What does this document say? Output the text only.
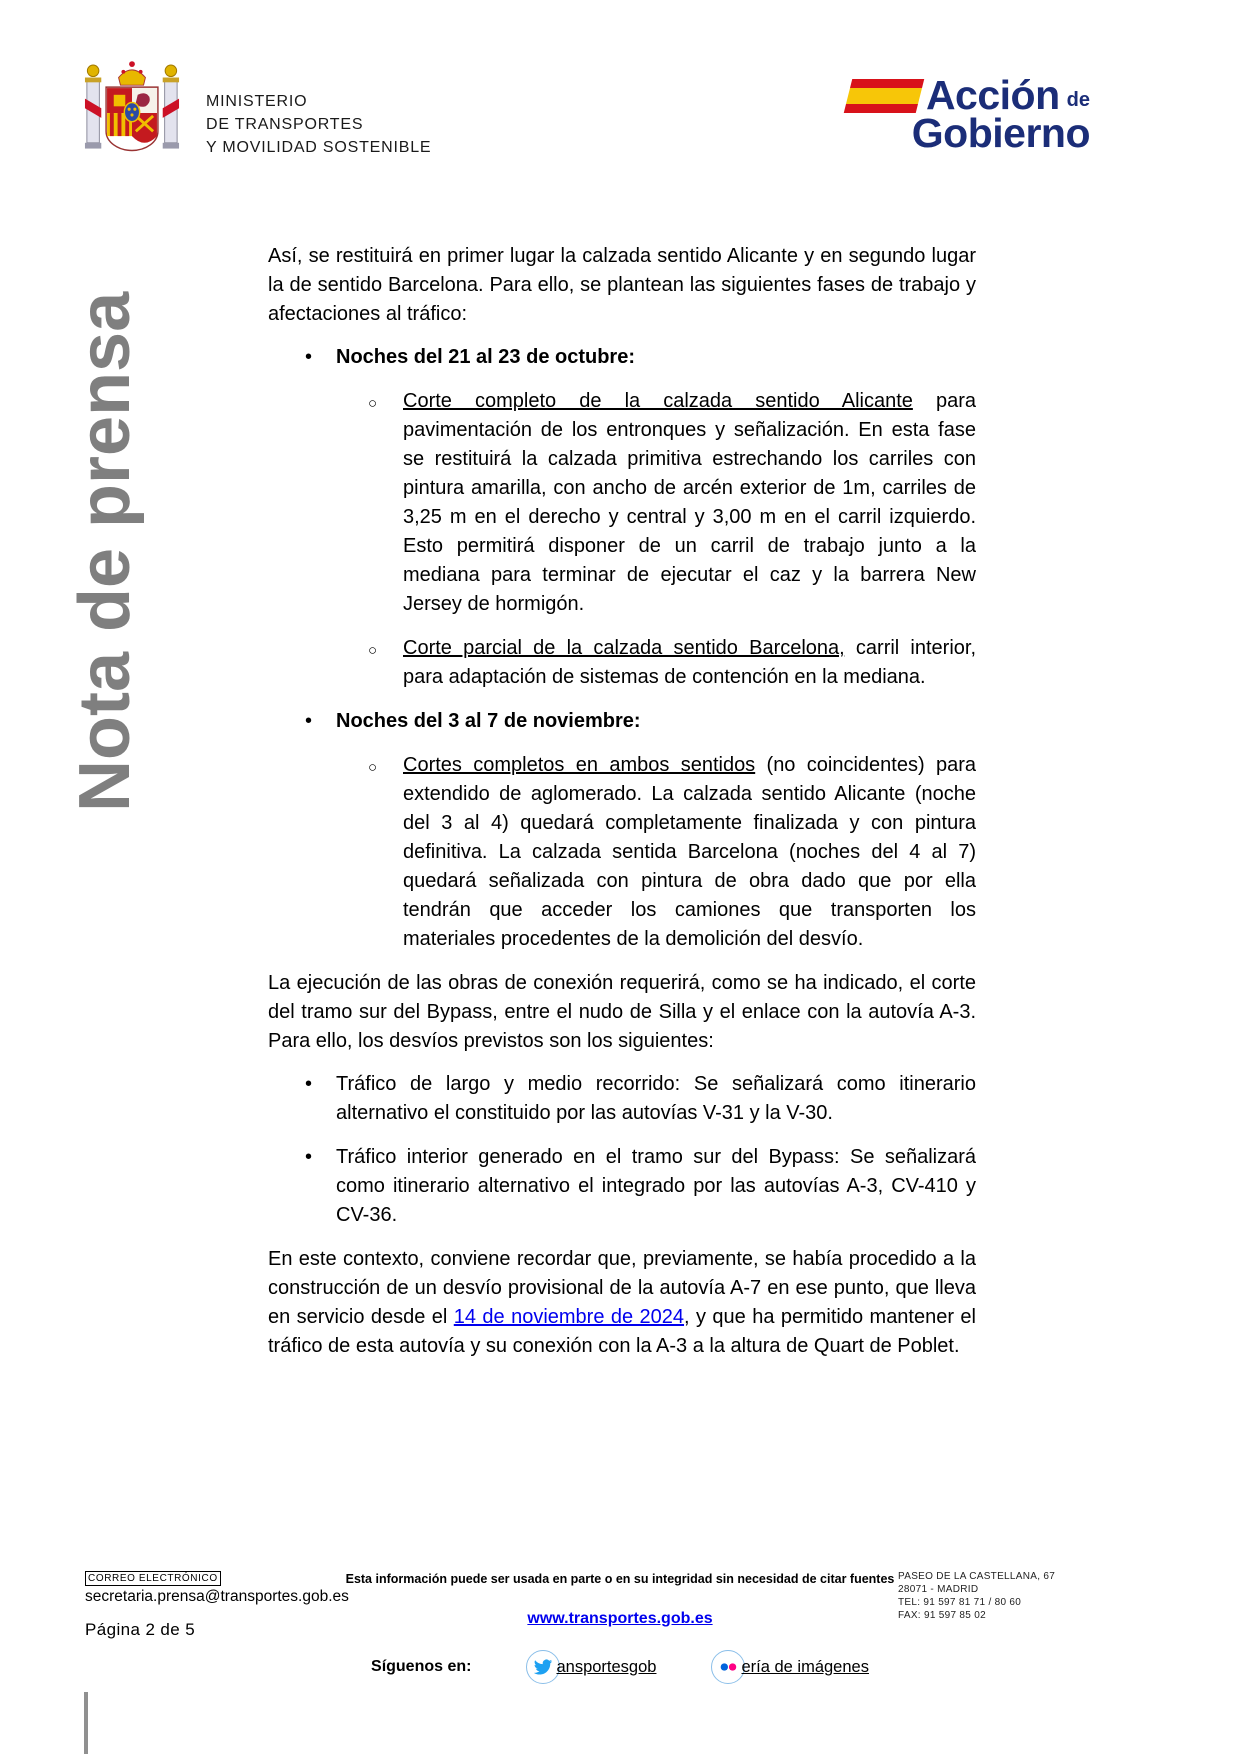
MINISTERIO
DE TRANSPORTES
Y MOVILIDAD SOSTENIBLE
Acción de
Gobierno
Nota de prensa

Así, se restituirá en primer lugar la calzada sentido Alicante y en segundo lugar la de sentido Barcelona. Para ello, se plantean las siguientes fases de trabajo y afectaciones al tráfico:

•	Noches del 21 al 23 de octubre:
○	Corte completo de la calzada sentido Alicante para pavimentación de los entronques y señalización. En esta fase se restituirá la calzada primitiva estrechando los carriles con pintura amarilla, con ancho de arcén exterior de 1m, carriles de 3,25 m en el derecho y central y 3,00 m en el carril izquierdo. Esto permitirá disponer de un carril de trabajo junto a la mediana para terminar de ejecutar el caz y la barrera New Jersey de hormigón.
○	Corte parcial de la calzada sentido Barcelona, carril interior, para adaptación de sistemas de contención en la mediana.
•	Noches del 3 al 7 de noviembre:
○	Cortes completos en ambos sentidos (no coincidentes) para extendido de aglomerado. La calzada sentido Alicante (noche del 3 al 4) quedará completamente finalizada y con pintura definitiva. La calzada sentida Barcelona (noches del 4 al 7) quedará señalizada con pintura de obra dado que por ella tendrán que acceder los camiones que transporten los materiales procedentes de la demolición del desvío.

La ejecución de las obras de conexión requerirá, como se ha indicado, el corte del tramo sur del Bypass, entre el nudo de Silla y el enlace con la autovía A-3. Para ello, los desvíos previstos son los siguientes:

•	Tráfico de largo y medio recorrido: Se señalizará como itinerario alternativo el constituido por las autovías V-31 y la V-30.
•	Tráfico interior generado en el tramo sur del Bypass: Se señalizará como itinerario alternativo el integrado por las autovías A-3, CV-410 y CV-36.

En este contexto, conviene recordar que, previamente, se había procedido a la construcción de un desvío provisional de la autovía A-7 en ese punto, que lleva en servicio desde el 14 de noviembre de 2024, y que ha permitido mantener el tráfico de esta autovía y su conexión con la A-3 a la altura de Quart de Poblet.

CORREO ELECTRÓNICO
secretaria.prensa@transportes.gob.es
Página 2 de 5
Esta información puede ser usada en parte o en su integridad sin necesidad de citar fuentes
www.transportes.gob.es
PASEO DE LA CASTELLANA, 67
28071 - MADRID
TEL: 91 597 81 71 / 80 60
FAX: 91 597 85 02
Síguenos en:	ansportesgob	ería de imágenes
